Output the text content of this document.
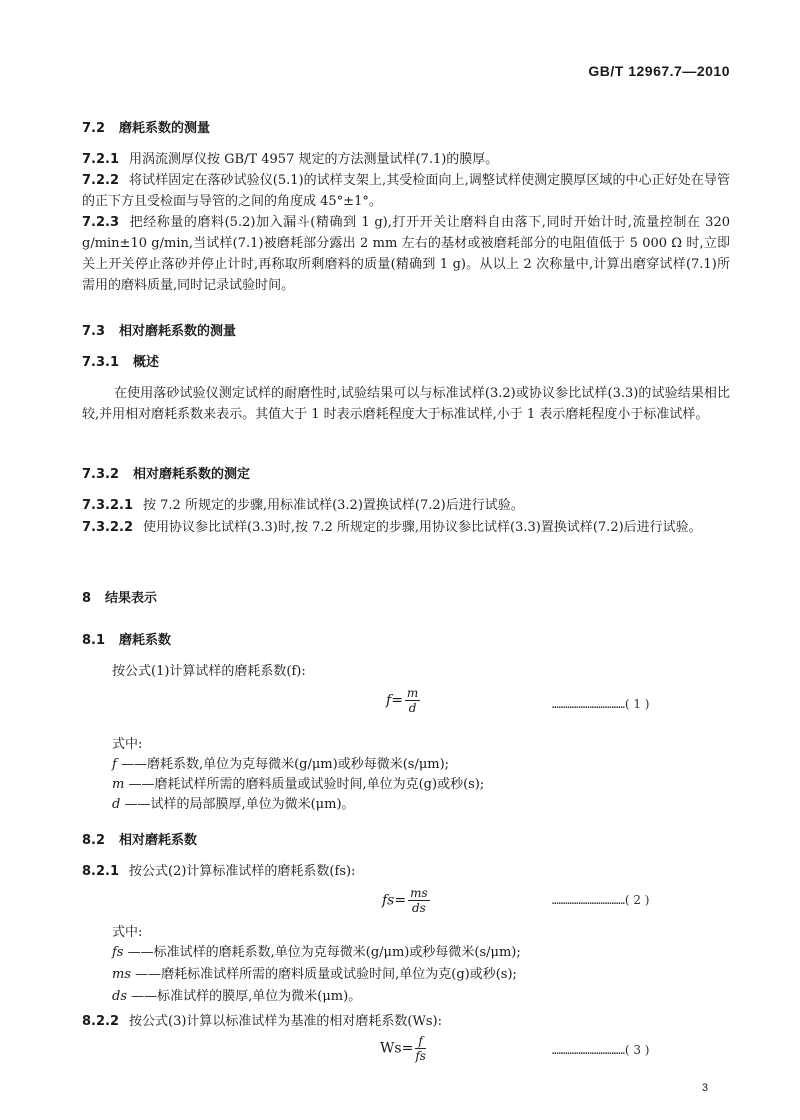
GB/T 12967.7—2010
7.2 磨耗系数的测量
7.2.1 用涡流测厚仪按 GB/T 4957 规定的方法测量试样(7.1)的膜厚。
7.2.2 将试样固定在落砂试验仪(5.1)的试样支架上,其受检面向上,调整试样使测定膜厚区域的中心正好处在导管的正下方且受检面与导管的之间的角度成 45°±1°。
7.2.3 把经称量的磨料(5.2)加入漏斗(精确到 1 g),打开开关让磨料自由落下,同时开始计时,流量控制在 320 g/min±10 g/min,当试样(7.1)被磨耗部分露出 2 mm 左右的基材或被磨耗部分的电阻值低于 5 000 Ω 时,立即关上开关停止落砂并停止计时,再称取所剩磨料的质量(精确到 1 g)。从以上 2 次称量中,计算出磨穿试样(7.1)所需用的磨料质量,同时记录试验时间。
7.3 相对磨耗系数的测量
7.3.1 概述
在使用落砂试验仪测定试样的耐磨性时,试验结果可以与标准试样(3.2)或协议参比试样(3.3)的试验结果相比较,并用相对磨耗系数来表示。其值大于 1 时表示磨耗程度大于标准试样,小于 1 表示磨耗程度小于标准试样。
7.3.2 相对磨耗系数的测定
7.3.2.1 按 7.2 所规定的步骤,用标准试样(3.2)置换试样(7.2)后进行试验。
7.3.2.2 使用协议参比试样(3.3)时,按 7.2 所规定的步骤,用协议参比试样(3.3)置换试样(7.2)后进行试验。
8 结果表示
8.1 磨耗系数
按公式(1)计算试样的磨耗系数(f):
$f= \frac{m}{d}$	……………………………( 1 )
式中:
f ——磨耗系数,单位为克每微米(g/μm)或秒每微米(s/μm);
m ——磨耗试样所需的磨料质量或试验时间,单位为克(g)或秒(s);
d ——试样的局部膜厚,单位为微米(μm)。
8.2 相对磨耗系数
8.2.1 按公式(2)计算标准试样的磨耗系数(fs):
$fs= \frac{ms}{ds}$	……………………………( 2 )
式中:
fs ——标准试样的磨耗系数,单位为克每微米(g/μm)或秒每微米(s/μm);
ms ——磨耗标准试样所需的磨料质量或试验时间,单位为克(g)或秒(s);
ds ——标准试样的膜厚,单位为微米(μm)。
8.2.2 按公式(3)计算以标准试样为基准的相对磨耗系数(Ws):
$Ws= \frac{f}{fs}$	……………………………( 3 )
3
